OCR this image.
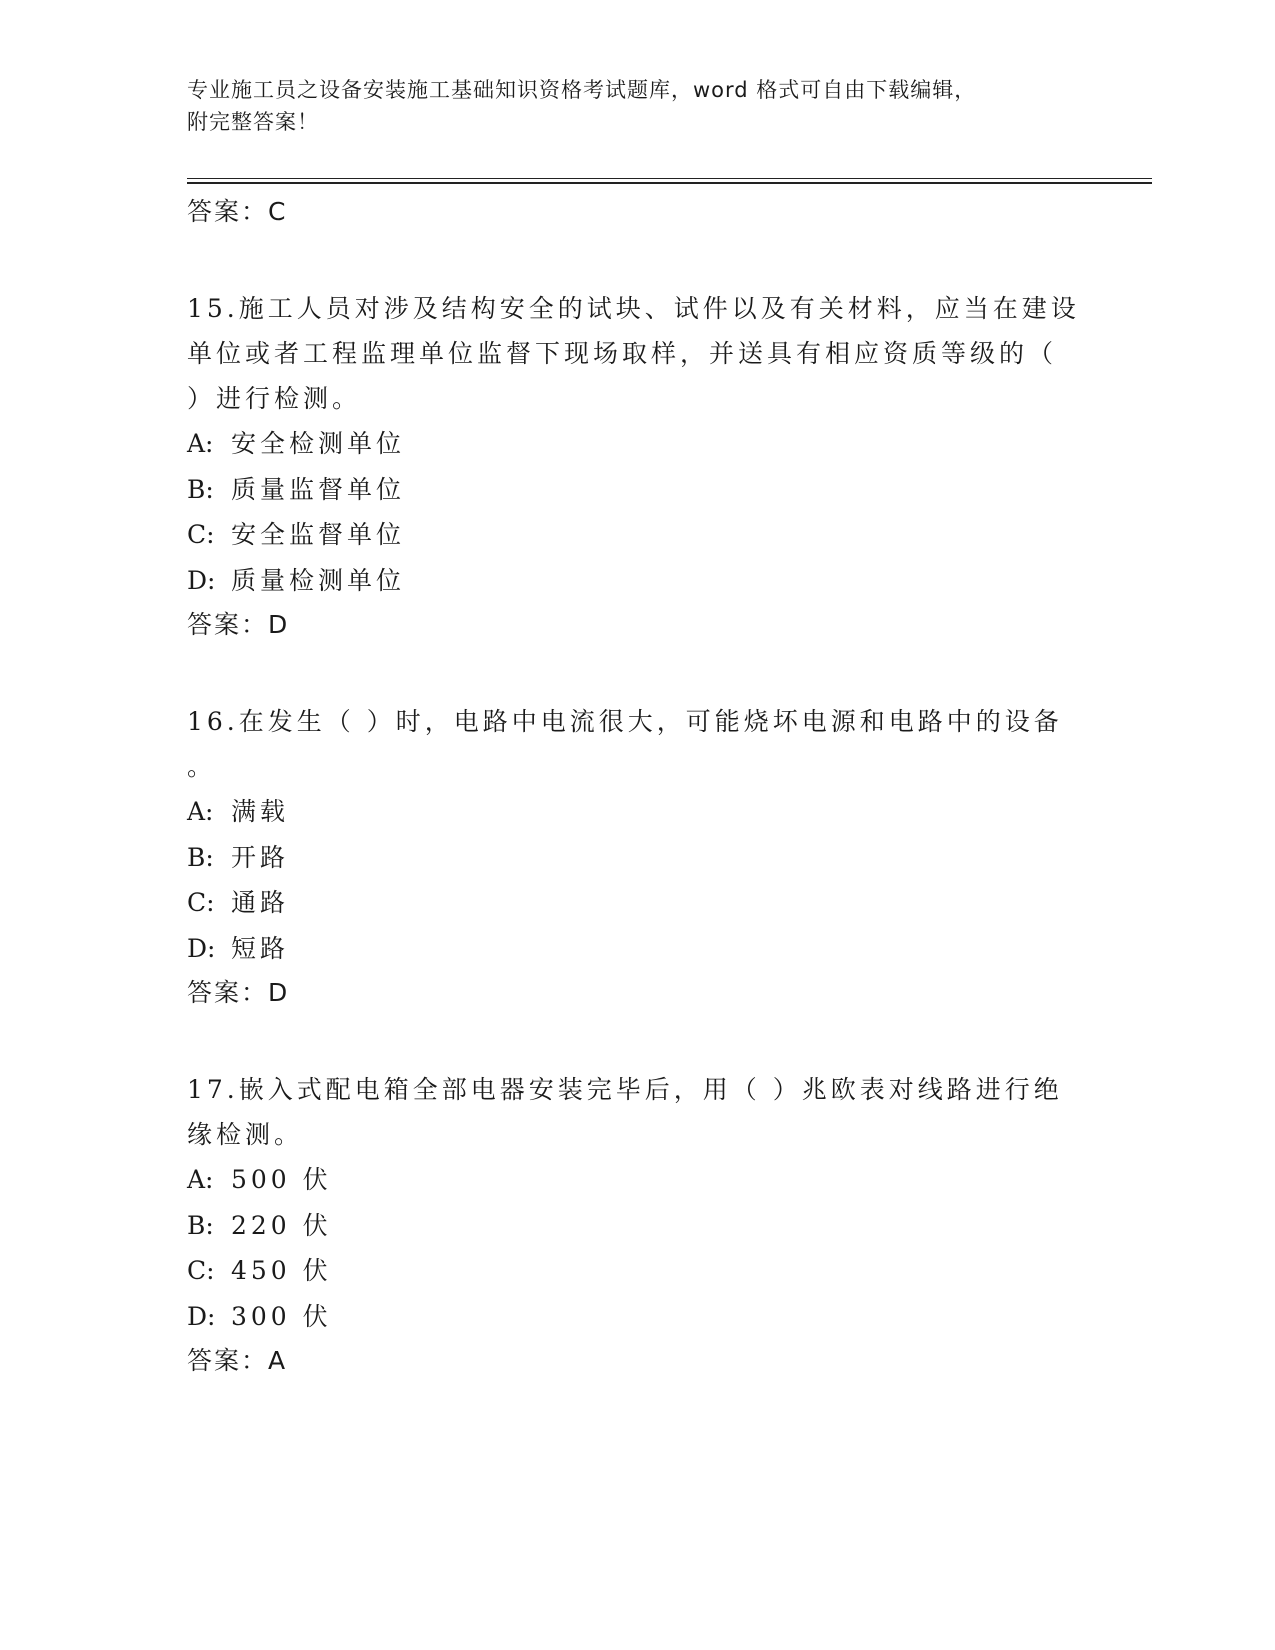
专业施工员之设备安装施工基础知识资格考试题库，word 格式可自由下载编辑，
附完整答案！
答案：C
15.施工人员对涉及结构安全的试块、试件以及有关材料，应当在建设
单位或者工程监理单位监督下现场取样，并送具有相应资质等级的（
）进行检测。
A: 安全检测单位
B: 质量监督单位
C: 安全监督单位
D: 质量检测单位
答案：D
16.在发生（ ）时，电路中电流很大，可能烧坏电源和电路中的设备
。
A: 满载
B: 开路
C: 通路
D: 短路
答案：D
17.嵌入式配电箱全部电器安装完毕后，用（ ）兆欧表对线路进行绝
缘检测。
A: 500 伏
B: 220 伏
C: 450 伏
D: 300 伏
答案：A
